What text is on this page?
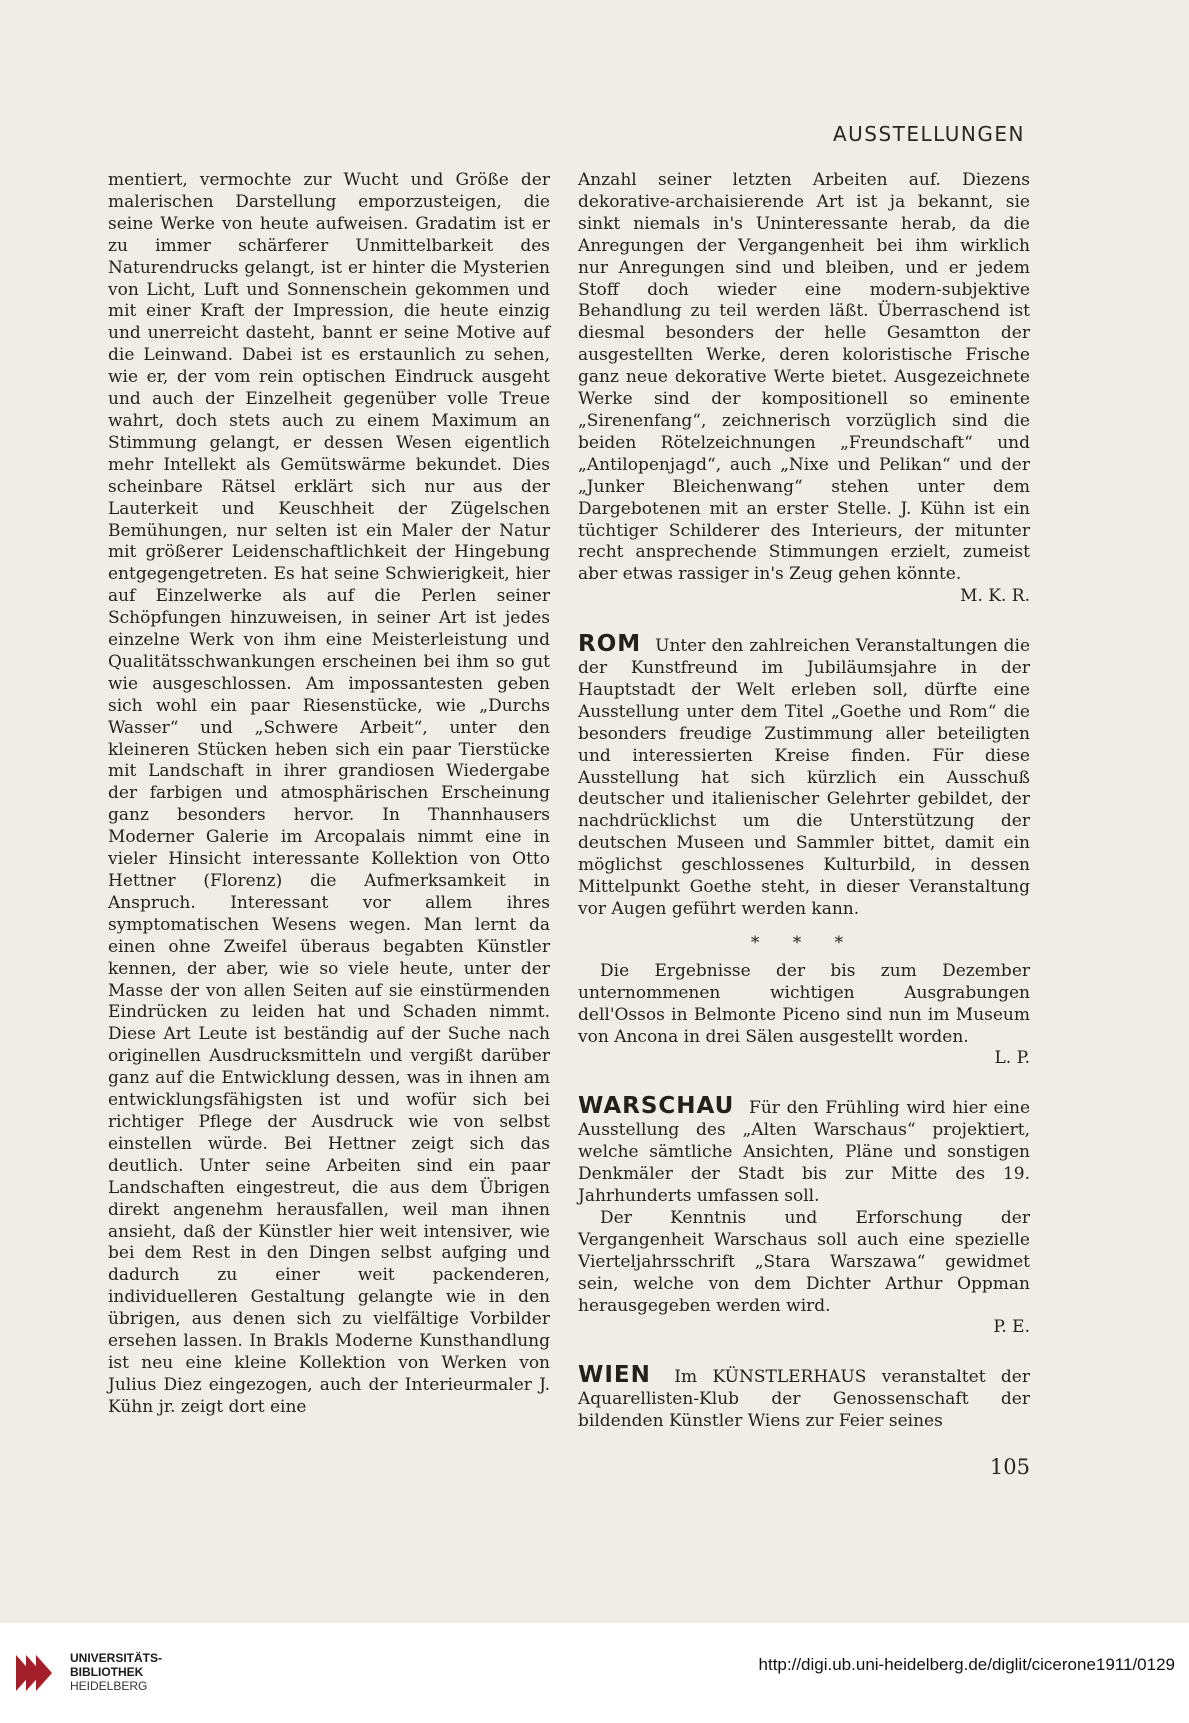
AUSSTELLUNGEN

mentiert, vermochte zur Wucht und Größe der malerischen Darstellung emporzusteigen, die seine Werke von heute aufweisen. Gradatim ist er zu immer schärferer Unmittelbarkeit des Naturendrucks gelangt, ist er hinter die Mysterien von Licht, Luft und Sonnenschein gekommen und mit einer Kraft der Impression, die heute einzig und unerreicht dasteht, bannt er seine Motive auf die Leinwand. Dabei ist es erstaunlich zu sehen, wie er, der vom rein optischen Eindruck ausgeht und auch der Einzelheit gegenüber volle Treue wahrt, doch stets auch zu einem Maximum an Stimmung gelangt, er dessen Wesen eigentlich mehr Intellekt als Gemütswärme bekundet. Dies scheinbare Rätsel erklärt sich nur aus der Lauterkeit und Keuschheit der Zügelschen Bemühungen, nur selten ist ein Maler der Natur mit größerer Leidenschaftlichkeit der Hingebung entgegengetreten. Es hat seine Schwierigkeit, hier auf Einzelwerke als auf die Perlen seiner Schöpfungen hinzuweisen, in seiner Art ist jedes einzelne Werk von ihm eine Meisterleistung und Qualitätsschwankungen erscheinen bei ihm so gut wie ausgeschlossen. Am impossantesten geben sich wohl ein paar Riesenstücke, wie „Durchs Wasser“ und „Schwere Arbeit“, unter den kleineren Stücken heben sich ein paar Tierstücke mit Landschaft in ihrer grandiosen Wiedergabe der farbigen und atmosphärischen Erscheinung ganz besonders hervor. In Thannhausers Moderner Galerie im Arcopalais nimmt eine in vieler Hinsicht interessante Kollektion von Otto Hettner (Florenz) die Aufmerksamkeit in Anspruch. Interessant vor allem ihres symptomatischen Wesens wegen. Man lernt da einen ohne Zweifel überaus begabten Künstler kennen, der aber, wie so viele heute, unter der Masse der von allen Seiten auf sie einstürmenden Eindrücken zu leiden hat und Schaden nimmt. Diese Art Leute ist beständig auf der Suche nach originellen Ausdrucksmitteln und vergißt darüber ganz auf die Entwicklung dessen, was in ihnen am entwicklungsfähigsten ist und wofür sich bei richtiger Pflege der Ausdruck wie von selbst einstellen würde. Bei Hettner zeigt sich das deutlich. Unter seine Arbeiten sind ein paar Landschaften eingestreut, die aus dem Übrigen direkt angenehm herausfallen, weil man ihnen ansieht, daß der Künstler hier weit intensiver, wie bei dem Rest in den Dingen selbst aufging und dadurch zu einer weit packenderen, individuelleren Gestaltung gelangte wie in den übrigen, aus denen sich zu vielfältige Vorbilder ersehen lassen. In Brakls Moderne Kunsthandlung ist neu eine kleine Kollektion von Werken von Julius Diez eingezogen, auch der Interieurmaler J. Kühn jr. zeigt dort eine

Anzahl seiner letzten Arbeiten auf. Diezens dekorative-archaisierende Art ist ja bekannt, sie sinkt niemals in's Uninteressante herab, da die Anregungen der Vergangenheit bei ihm wirklich nur Anregungen sind und bleiben, und er jedem Stoff doch wieder eine modern-subjektive Behandlung zu teil werden läßt. Überraschend ist diesmal besonders der helle Gesamtton der ausgestellten Werke, deren koloristische Frische ganz neue dekorative Werte bietet. Ausgezeichnete Werke sind der kompositionell so eminente „Sirenenfang“, zeichnerisch vorzüglich sind die beiden Rötelzeichnungen „Freundschaft“ und „Antilopenjagd“, auch „Nixe und Pelikan“ und der „Junker Bleichenwang“ stehen unter dem Dargebotenen mit an erster Stelle. J. Kühn ist ein tüchtiger Schilderer des Interieurs, der mitunter recht ansprechende Stimmungen erzielt, zumeist aber etwas rassiger in's Zeug gehen könnte.
M. K. R.

ROM Unter den zahlreichen Veranstaltungen die der Kunstfreund im Jubiläumsjahre in der Hauptstadt der Welt erleben soll, dürfte eine Ausstellung unter dem Titel „Goethe und Rom“ die besonders freudige Zustimmung aller beteiligten und interessierten Kreise finden. Für diese Ausstellung hat sich kürzlich ein Ausschuß deutscher und italienischer Gelehrter gebildet, der nachdrücklichst um die Unterstützung der deutschen Museen und Sammler bittet, damit ein möglichst geschlossenes Kulturbild, in dessen Mittelpunkt Goethe steht, in dieser Veranstaltung vor Augen geführt werden kann.

* * *

Die Ergebnisse der bis zum Dezember unternommenen wichtigen Ausgrabungen dell'Ossos in Belmonte Piceno sind nun im Museum von Ancona in drei Sälen ausgestellt worden.
L. P.

WARSCHAU Für den Frühling wird hier eine Ausstellung des „Alten Warschaus“ projektiert, welche sämtliche Ansichten, Pläne und sonstigen Denkmäler der Stadt bis zur Mitte des 19. Jahrhunderts umfassen soll.

Der Kenntnis und Erforschung der Vergangenheit Warschaus soll auch eine spezielle Vierteljahrsschrift „Stara Warszawa“ gewidmet sein, welche von dem Dichter Arthur Oppman herausgegeben werden wird.
P. E.

WIEN Im KÜNSTLERHAUS veranstaltet der Aquarellisten-Klub der Genossenschaft der bildenden Künstler Wiens zur Feier seines

105
UNIVERSITÄTS-
BIBLIOTHEK
HEIDELBERG
http://digi.ub.uni-heidelberg.de/diglit/cicerone1911/0129
